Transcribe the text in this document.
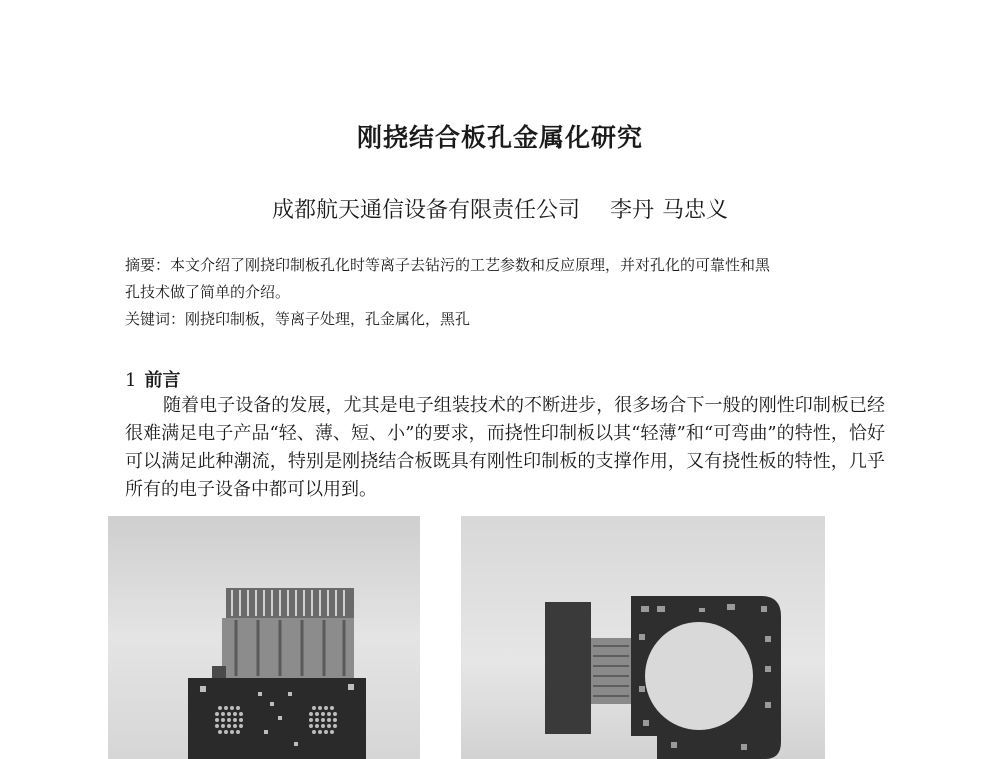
刚挠结合板孔金属化研究
成都航天通信设备有限责任公司 李丹 马忠义

摘要：本文介绍了刚挠印制板孔化时等离子去钻污的工艺参数和反应原理，并对孔化的可靠性和黑

孔技术做了简单的介绍。

关键词：刚挠印制板，等离子处理，孔金属化，黑孔

1 前言

随着电子设备的发展，尤其是电子组装技术的不断进步，很多场合下一般的刚性印制板已经很难满足电子产品“轻、薄、短、小”的要求，而挠性印制板以其“轻薄”和“可弯曲”的特性，恰好可以满足此种潮流，特别是刚挠结合板既具有刚性印制板的支撑作用，又有挠性板的特性，几乎所有的电子设备中都可以用到。
